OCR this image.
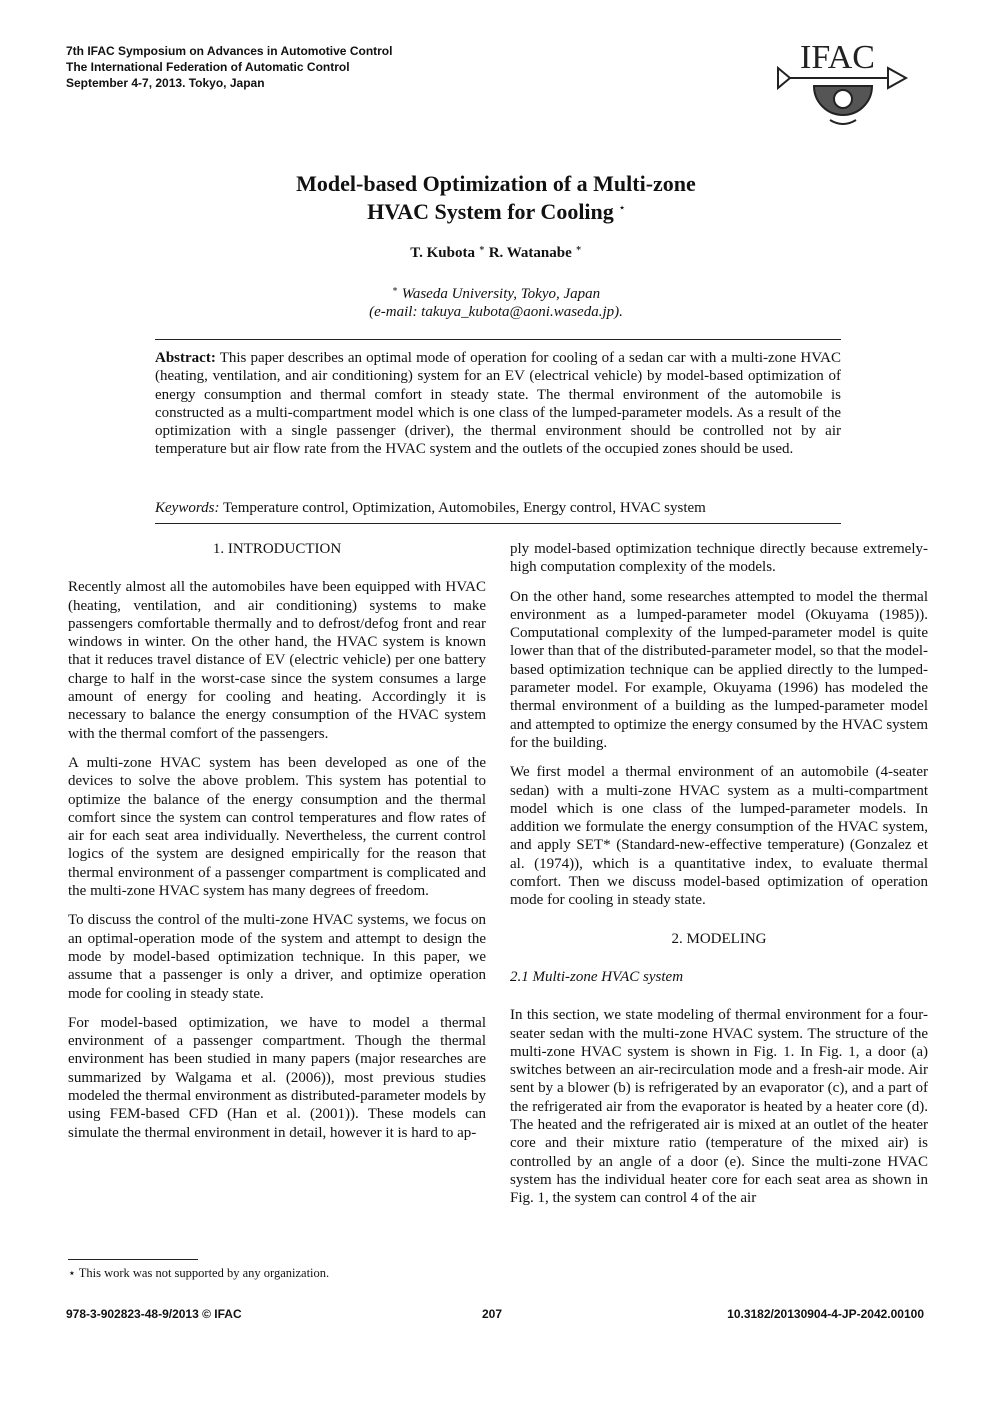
7th IFAC Symposium on Advances in Automotive Control
The International Federation of Automatic Control
September 4-7, 2013. Tokyo, Japan
IFAC
Model-based Optimization of a Multi-zone
HVAC System for Cooling ⋆
T. Kubota ∗ R. Watanabe ∗
∗ Waseda University, Tokyo, Japan
(e-mail: takuya_kubota@aoni.waseda.jp).
Abstract: This paper describes an optimal mode of operation for cooling of a sedan car with a multi-zone HVAC (heating, ventilation, and air conditioning) system for an EV (electrical vehicle) by model-based optimization of energy consumption and thermal comfort in steady state. The thermal environment of the automobile is constructed as a multi-compartment model which is one class of the lumped-parameter models. As a result of the optimization with a single passenger (driver), the thermal environment should be controlled not by air temperature but air flow rate from the HVAC system and the outlets of the occupied zones should be used.
Keywords: Temperature control, Optimization, Automobiles, Energy control, HVAC system
1. INTRODUCTION

Recently almost all the automobiles have been equipped with HVAC (heating, ventilation, and air conditioning) systems to make passengers comfortable thermally and to defrost/defog front and rear windows in winter. On the other hand, the HVAC system is known that it reduces travel distance of EV (electric vehicle) per one battery charge to half in the worst-case since the system consumes a large amount of energy for cooling and heating. Accordingly it is necessary to balance the energy consumption of the HVAC system with the thermal comfort of the passengers.

A multi-zone HVAC system has been developed as one of the devices to solve the above problem. This system has potential to optimize the balance of the energy consumption and the thermal comfort since the system can control temperatures and flow rates of air for each seat area individually. Nevertheless, the current control logics of the system are designed empirically for the reason that thermal environment of a passenger compartment is complicated and the multi-zone HVAC system has many degrees of freedom.

To discuss the control of the multi-zone HVAC systems, we focus on an optimal-operation mode of the system and attempt to design the mode by model-based optimization technique. In this paper, we assume that a passenger is only a driver, and optimize operation mode for cooling in steady state.

For model-based optimization, we have to model a thermal environment of a passenger compartment. Though the thermal environment has been studied in many papers (major researches are summarized by Walgama et al. (2006)), most previous studies modeled the thermal environment as distributed-parameter models by using FEM-based CFD (Han et al. (2001)). These models can simulate the thermal environment in detail, however it is hard to ap-

ply model-based optimization technique directly because extremely-high computation complexity of the models.

On the other hand, some researches attempted to model the thermal environment as a lumped-parameter model (Okuyama (1985)). Computational complexity of the lumped-parameter model is quite lower than that of the distributed-parameter model, so that the model-based optimization technique can be applied directly to the lumped-parameter model. For example, Okuyama (1996) has modeled the thermal environment of a building as the lumped-parameter model and attempted to optimize the energy consumed by the HVAC system for the building.

We first model a thermal environment of an automobile (4-seater sedan) with a multi-zone HVAC system as a multi-compartment model which is one class of the lumped-parameter models. In addition we formulate the energy consumption of the HVAC system, and apply SET* (Standard-new-effective temperature) (Gonzalez et al. (1974)), which is a quantitative index, to evaluate thermal comfort. Then we discuss model-based optimization of operation mode for cooling in steady state.

2. MODELING
2.1 Multi-zone HVAC system

In this section, we state modeling of thermal environment for a four-seater sedan with the multi-zone HVAC system. The structure of the multi-zone HVAC system is shown in Fig. 1. In Fig. 1, a door (a) switches between an air-recirculation mode and a fresh-air mode. Air sent by a blower (b) is refrigerated by an evaporator (c), and a part of the refrigerated air from the evaporator is heated by a heater core (d). The heated and the refrigerated air is mixed at an outlet of the heater core and their mixture ratio (temperature of the mixed air) is controlled by an angle of a door (e). Since the multi-zone HVAC system has the individual heater core for each seat area as shown in Fig. 1, the system can control 4 of the air

⋆ This work was not supported by any organization.
978-3-902823-48-9/2013 © IFAC	207	10.3182/20130904-4-JP-2042.00100
